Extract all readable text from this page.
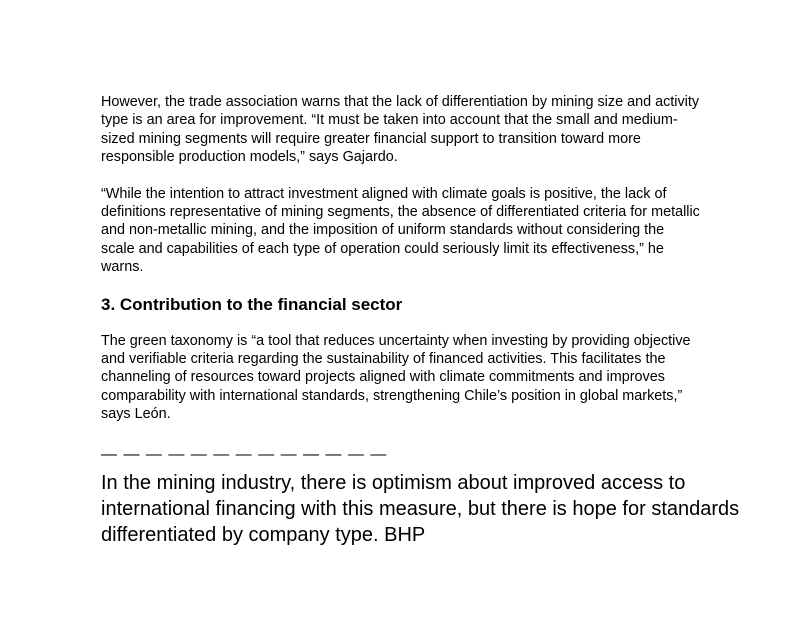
However, the trade association warns that the lack of differentiation by mining size and activity type is an area for improvement. “It must be taken into account that the small and medium-sized mining segments will require greater financial support to transition toward more responsible production models,” says Gajardo.

“While the intention to attract investment aligned with climate goals is positive, the lack of definitions representative of mining segments, the absence of differentiated criteria for metallic and non-metallic mining, and the imposition of uniform standards without considering the scale and capabilities of each type of operation could seriously limit its effectiveness,” he warns.

3. Contribution to the financial sector

The green taxonomy is “a tool that reduces uncertainty when investing by providing objective and verifiable criteria regarding the sustainability of financed activities. This facilitates the channeling of resources toward projects aligned with climate commitments and improves comparability with international standards, strengthening Chile’s position in global markets,” says León.

— — — — — — — — — — — — —

In the mining industry, there is optimism about improved access to international financing with this measure, but there is hope for standards differentiated by company type. BHP
